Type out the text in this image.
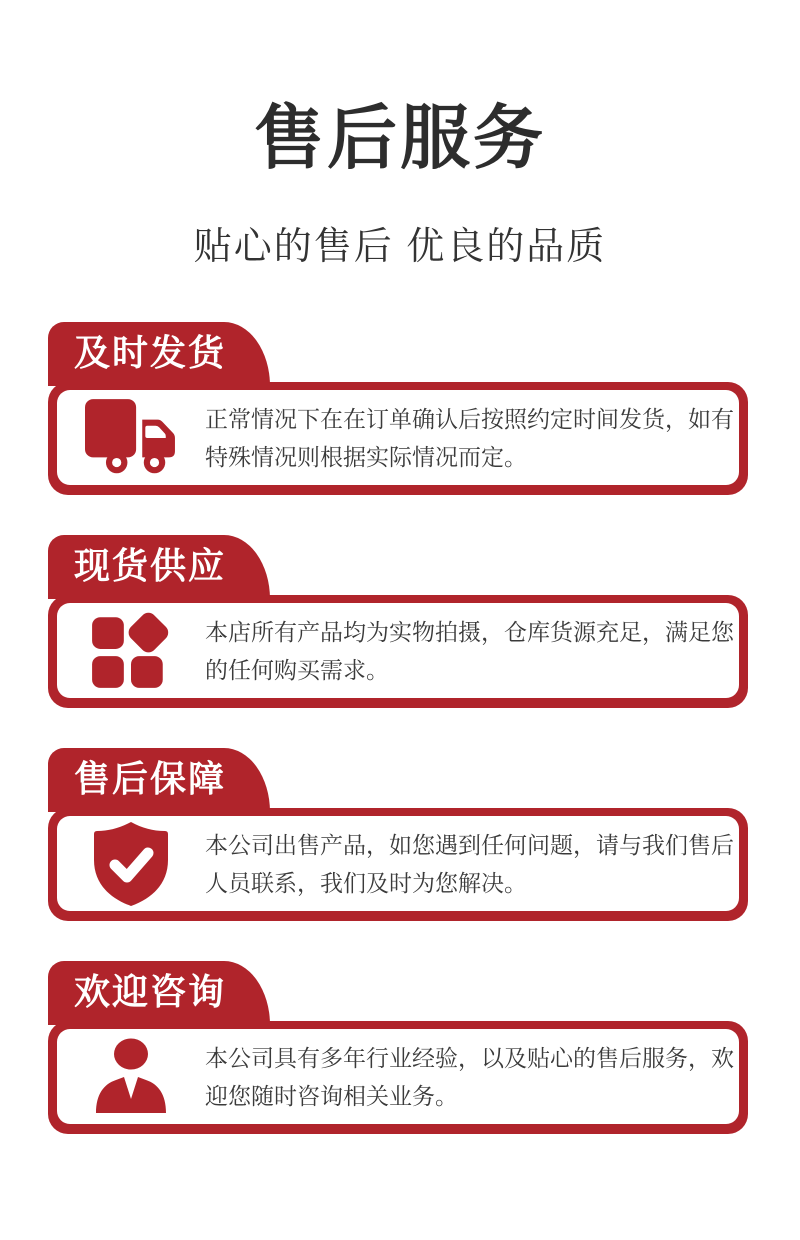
售后服务
贴心的售后 优良的品质
及时发货
正常情况下在在订单确认后按照约定时间发货，如有特殊情况则根据实际情况而定。
现货供应
本店所有产品均为实物拍摄，仓库货源充足，满足您的任何购买需求。
售后保障
本公司出售产品，如您遇到任何问题，请与我们售后人员联系，我们及时为您解决。
欢迎咨询
本公司具有多年行业经验，以及贴心的售后服务，欢迎您随时咨询相关业务。
